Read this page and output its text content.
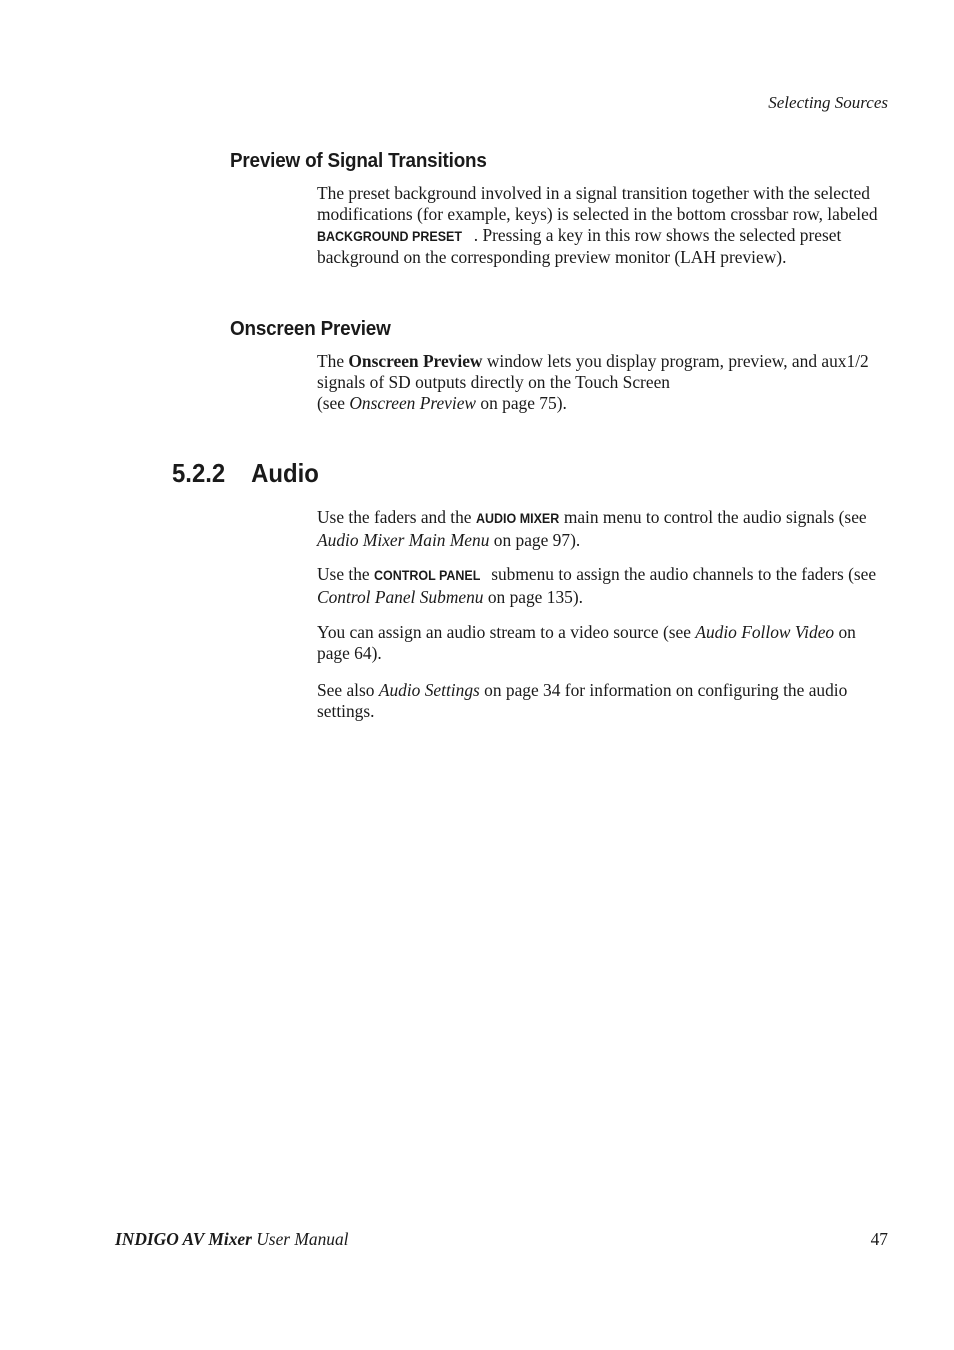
Selecting Sources
Preview of Signal Transitions

The preset background involved in a signal transition together with the selected modifications (for example, keys) is selected in the bottom crossbar row, labeled BACKGROUND PRESET . Pressing a key in this row shows the selected preset background on the corresponding preview monitor (LAH preview).

Onscreen Preview

The Onscreen Preview window lets you display program, preview, and aux1/2 signals of SD outputs directly on the Touch Screen
(see Onscreen Preview on page 75).

5.2.2 Audio

Use the faders and the AUDIO MIXER main menu to control the audio signals (see Audio Mixer Main Menu on page 97).

Use the CONTROL PANEL submenu to assign the audio channels to the faders (see Control Panel Submenu on page 135).

You can assign an audio stream to a video source (see Audio Follow Video on page 64).

See also Audio Settings on page 34 for information on configuring the audio settings.

INDIGO AV Mixer User Manual	47
